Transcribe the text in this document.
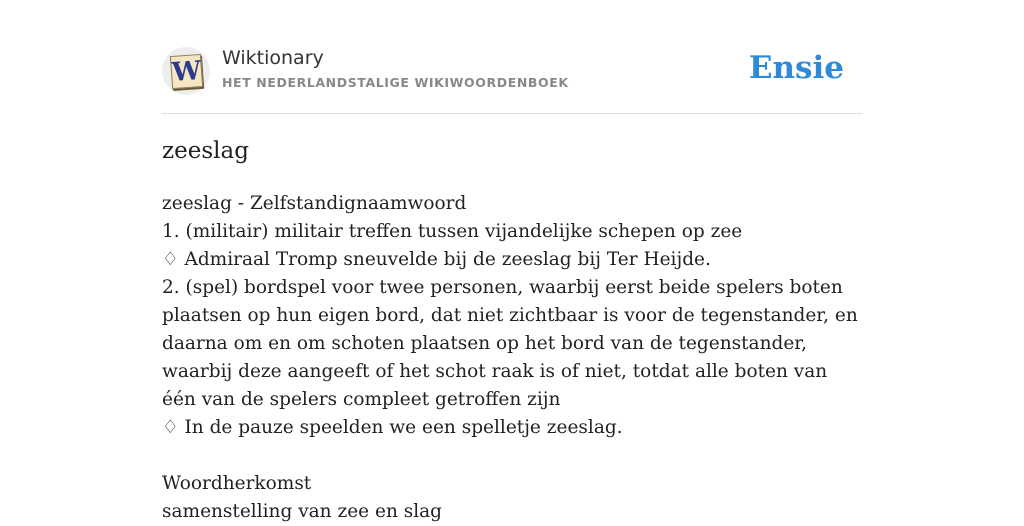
W Wiktionary
HET NEDERLANDSTALIGE WIKIWOORDENBOEK	Ensie
zeeslag

zeeslag - Zelfstandignaamwoord

1. (militair) militair treffen tussen vijandelijke schepen op zee

♢ Admiraal Tromp sneuvelde bij de zeeslag bij Ter Heijde.

2. (spel) bordspel voor twee personen, waarbij eerst beide spelers boten plaatsen op hun eigen bord, dat niet zichtbaar is voor de tegenstander, en daarna om en om schoten plaatsen op het bord van de tegenstander, waarbij deze aangeeft of het schot raak is of niet, totdat alle boten van één van de spelers compleet getroffen zijn

♢ In de pauze speelden we een spelletje zeeslag.

Woordherkomst

samenstelling van zee en slag
